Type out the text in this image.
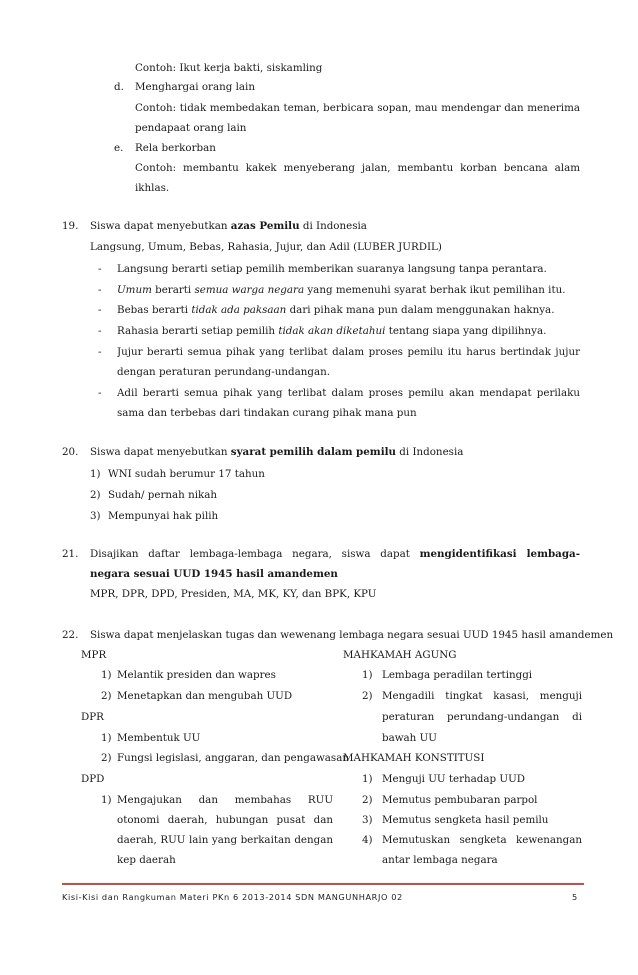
Contoh: Ikut kerja bakti, siskamling
d. Menghargai orang lain
Contoh: tidak membedakan teman, berbicara sopan, mau mendengar dan menerima
pendapaat orang lain
e. Rela berkorban
Contoh: membantu kakek menyeberang jalan, membantu korban bencana alam
ikhlas.
19. Siswa dapat menyebutkan azas Pemilu di Indonesia
Langsung, Umum, Bebas, Rahasia, Jujur, dan Adil (LUBER JURDIL)
- Langsung berarti setiap pemilih memberikan suaranya langsung tanpa perantara.
- Umum berarti semua warga negara yang memenuhi syarat berhak ikut pemilihan itu.
- Bebas berarti tidak ada paksaan dari pihak mana pun dalam menggunakan haknya.
- Rahasia berarti setiap pemilih tidak akan diketahui tentang siapa yang dipilihnya.
- Jujur berarti semua pihak yang terlibat dalam proses pemilu itu harus bertindak jujur
dengan peraturan perundang-undangan.
- Adil berarti semua pihak yang terlibat dalam proses pemilu akan mendapat perilaku
sama dan terbebas dari tindakan curang pihak mana pun
20. Siswa dapat menyebutkan syarat pemilih dalam pemilu di Indonesia
1) WNI sudah berumur 17 tahun
2) Sudah/ pernah nikah
3) Mempunyai hak pilih
21. Disajikan daftar lembaga-lembaga negara, siswa dapat mengidentifikasi lembaga-
negara sesuai UUD 1945 hasil amandemen
MPR, DPR, DPD, Presiden, MA, MK, KY, dan BPK, KPU
22. Siswa dapat menjelaskan tugas dan wewenang lembaga negara sesuai UUD 1945 hasil amandemen
MPR
1) Melantik presiden dan wapres
2) Menetapkan dan mengubah UUD
DPR
1) Membentuk UU
2) Fungsi legislasi, anggaran, dan pengawasan
DPD
1) Mengajukan dan membahas RUU
otonomi daerah, hubungan pusat dan
daerah, RUU lain yang berkaitan dengan
kep daerah
MAHKAMAH AGUNG
1) Lembaga peradilan tertinggi
2) Mengadili tingkat kasasi, menguji
peraturan perundang-undangan di
bawah UU
MAHKAMAH KONSTITUSI
1) Menguji UU terhadap UUD
2) Memutus pembubaran parpol
3) Memutus sengketa hasil pemilu
4) Memutuskan sengketa kewenangan
antar lembaga negara
Kisi-Kisi dan Rangkuman Materi PKn 6 2013-2014 SDN MANGUNHARJO 02	5
